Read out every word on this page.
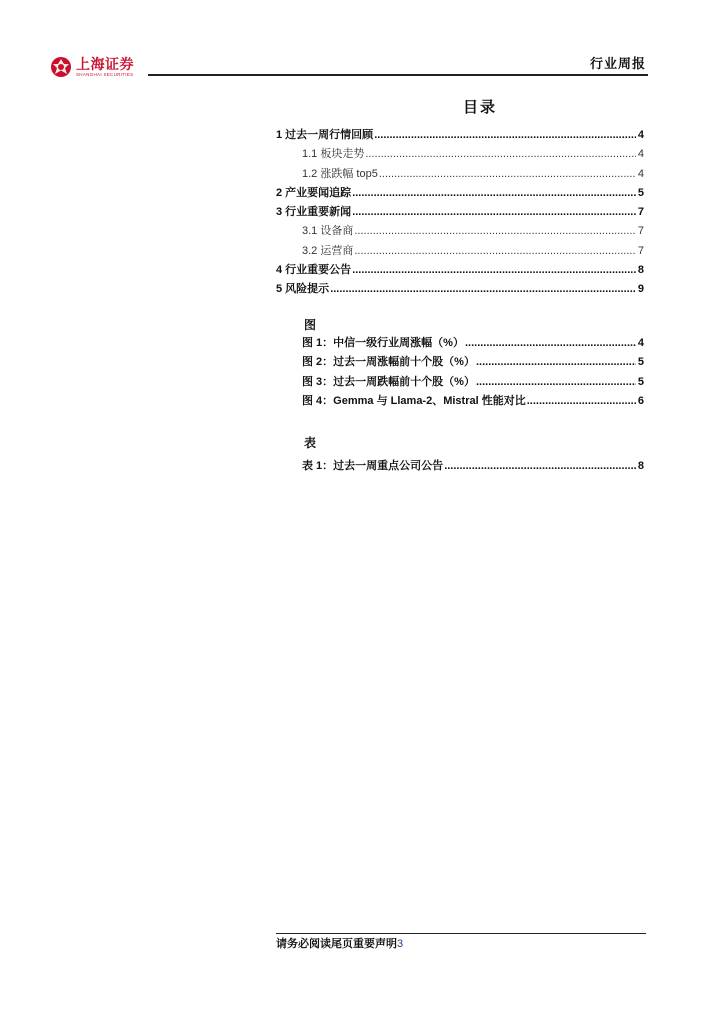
上海证券
SHANGHAI SECURITIES
行业周报
目录
1 过去一周行情回顾 .....	4
1.1 板块走势 .....	4
1.2 涨跌幅 top5 .....	4
2 产业要闻追踪 .....	5
3 行业重要新闻 .....	7
3.1 设备商 .....	7
3.2 运营商 .....	7
4 行业重要公告 .....	8
5 风险提示 .....	9
图
图 1：中信一级行业周涨幅（%） .....	4
图 2：过去一周涨幅前十个股（%） .....	5
图 3：过去一周跌幅前十个股（%） .....	5
图 4：Gemma 与 Llama-2、Mistral 性能对比 .....	6
表
表 1：过去一周重点公司公告 .....	8
请务必阅读尾页重要声明3
